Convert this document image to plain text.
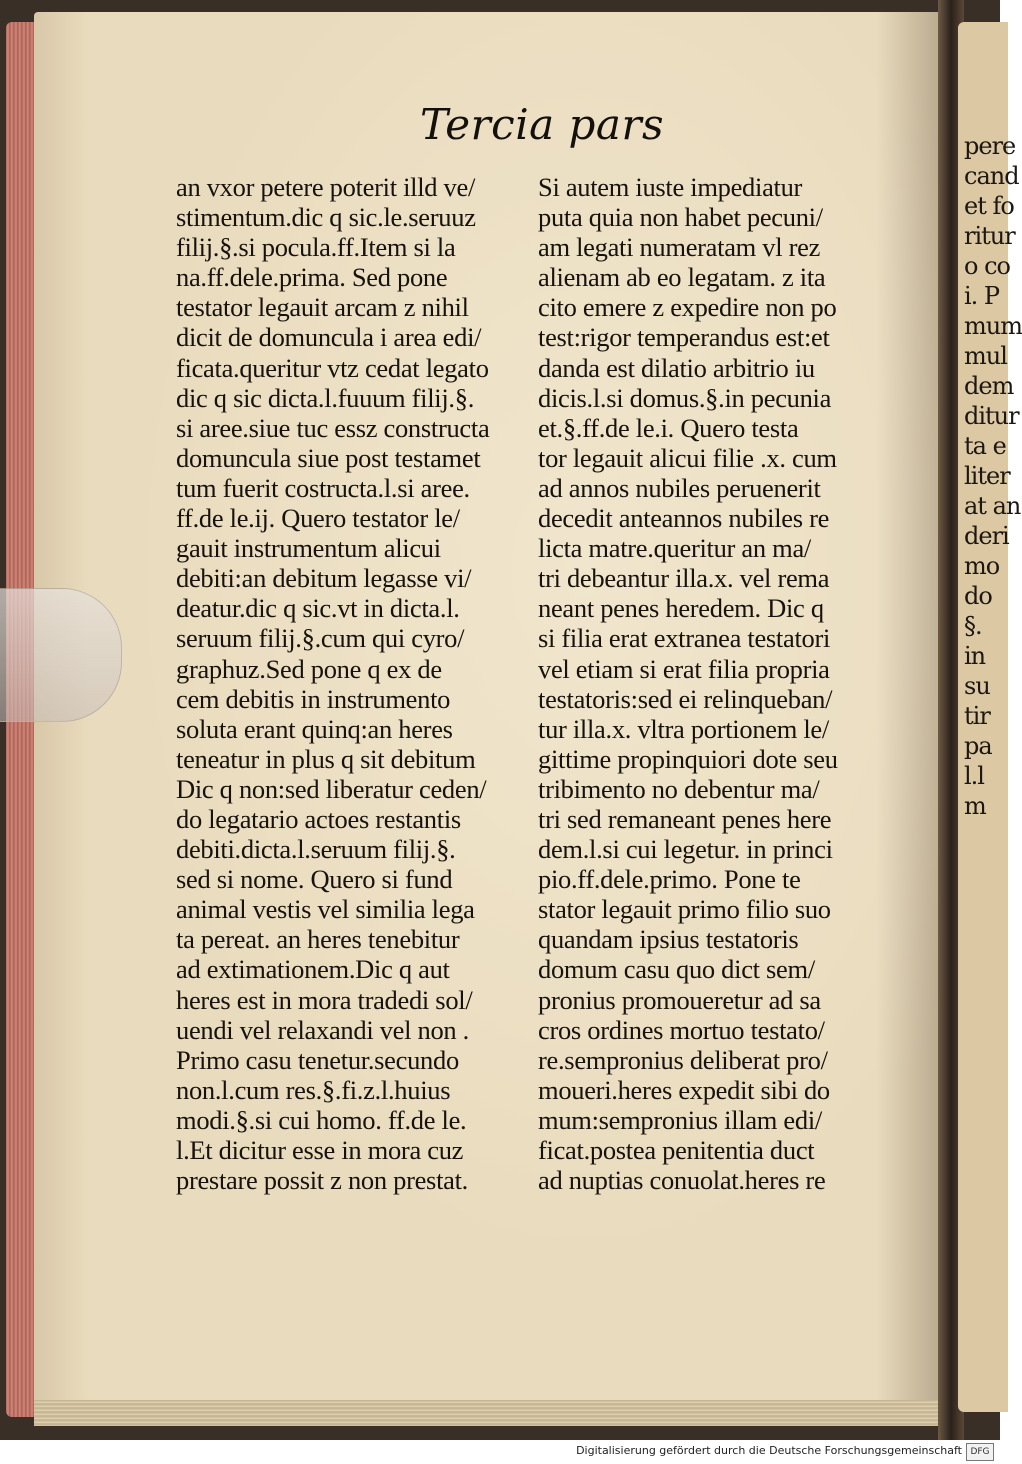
pere
cand
et fo
ritur
o co
i. P
mum
mul
dem
ditur
ta e
liter
at an
deri
mo
do
§.
in
su
tir
pa
l.l
m
Tercia pars
an vxor petere poterit illd ve/
stimentum.dic q sic.le.seruuz
filij.§.si pocula.ff.Item si la
na.ff.dele.prima. Sed pone
testator legauit arcam z nihil
dicit de domuncula i area edi/
ficata.queritur vtz cedat legato
dic q sic dicta.l.fuuum filij.§.
si aree.siue tuc essz constructa
domuncula siue post testamet
tum fuerit costructa.l.si aree.
ff.de le.ij. Quero testator le/
gauit instrumentum alicui
debiti:an debitum legasse vi/
deatur.dic q sic.vt in dicta.l.
seruum filij.§.cum qui cyro/
graphuz.Sed pone q ex de
cem debitis in instrumento
soluta erant quinq:an heres
teneatur in plus q sit debitum
Dic q non:sed liberatur ceden/
do legatario actoes restantis
debiti.dicta.l.seruum filij.§.
sed si nome. Quero si fund
animal vestis vel similia lega
ta pereat. an heres tenebitur
ad extimationem.Dic q aut
heres est in mora tradedi sol/
uendi vel relaxandi vel non .
Primo casu tenetur.secundo
non.l.cum res.§.fi.z.l.huius
modi.§.si cui homo. ff.de le.
l.Et dicitur esse in mora cuz
prestare possit z non prestat.
Si autem iuste impediatur
puta quia non habet pecuni/
am legati numeratam vl rez
alienam ab eo legatam. z ita
cito emere z expedire non po
test:rigor temperandus est:et
danda est dilatio arbitrio iu
dicis.l.si domus.§.in pecunia
et.§.ff.de le.i. Quero testa
tor legauit alicui filie .x. cum
ad annos nubiles peruenerit
decedit anteannos nubiles re
licta matre.queritur an ma/
tri debeantur illa.x. vel rema
neant penes heredem. Dic q
si filia erat extranea testatori
vel etiam si erat filia propria
testatoris:sed ei relinqueban/
tur illa.x. vltra portionem le/
gittime propinquiori dote seu
tribimento no debentur ma/
tri sed remaneant penes here
dem.l.si cui legetur. in princi
pio.ff.dele.primo. Pone te
stator legauit primo filio suo
quandam ipsius testatoris
domum casu quo dict sem/
pronius promoueretur ad sa
cros ordines mortuo testato/
re.sempronius deliberat pro/
moueri.heres expedit sibi do
mum:sempronius illam edi/
ficat.postea penitentia duct
ad nuptias conuolat.heres re
Digitalisierung gefördert durch die Deutsche Forschungsgemeinschaft DFG
